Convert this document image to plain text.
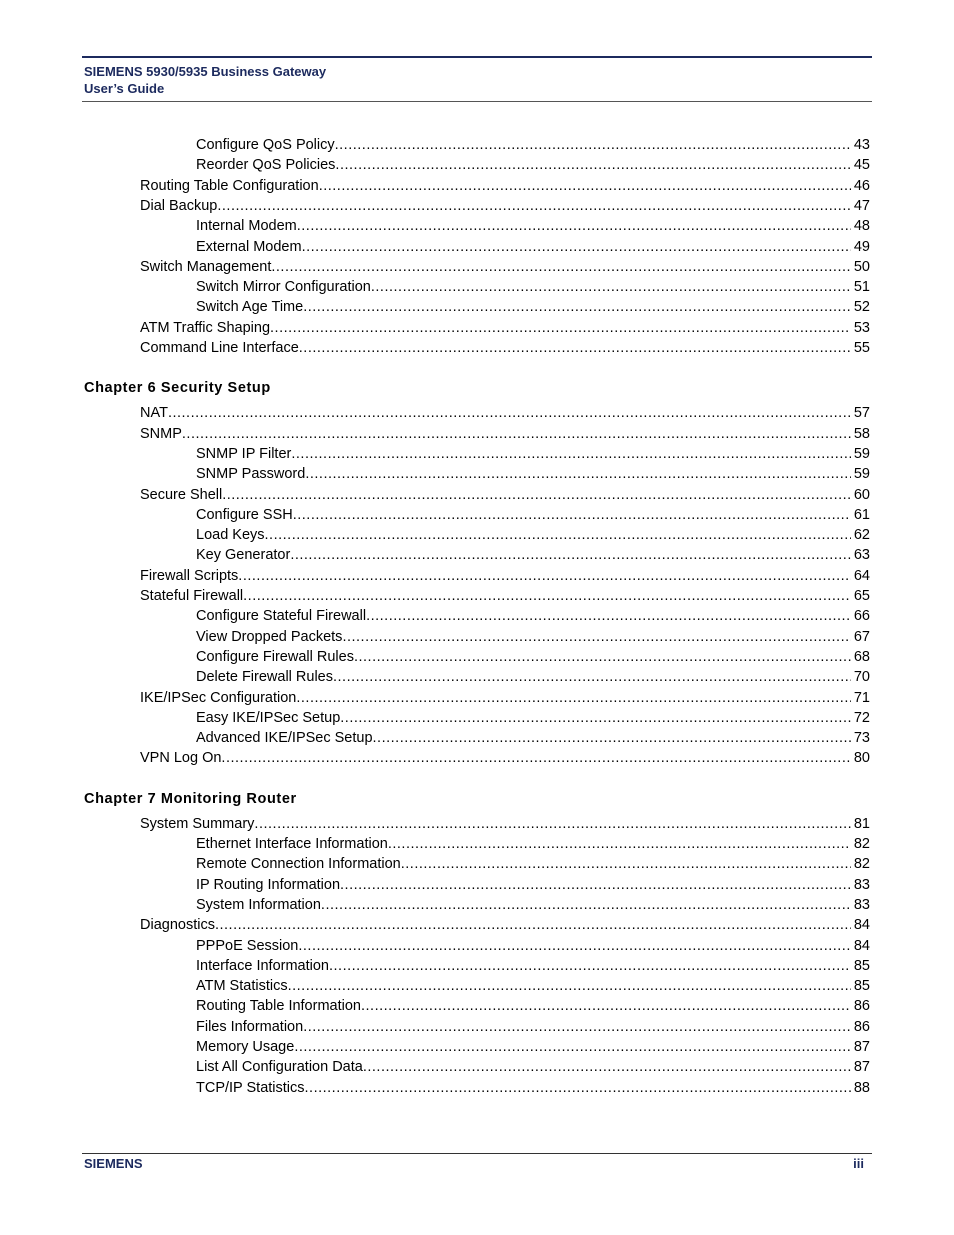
SIEMENS 5930/5935 Business Gateway
User’s Guide
Configure QoS Policy .....	43
Reorder QoS Policies .....	45
Routing Table Configuration .....	46
Dial Backup .....	47
Internal Modem .....	48
External Modem .....	49
Switch Management .....	50
Switch Mirror Configuration .....	51
Switch Age Time .....	52
ATM Traffic Shaping .....	53
Command Line Interface .....	55
Chapter 6 Security Setup
NAT .....	57
SNMP .....	58
SNMP IP Filter .....	59
SNMP Password .....	59
Secure Shell .....	60
Configure SSH .....	61
Load Keys .....	62
Key Generator .....	63
Firewall Scripts .....	64
Stateful Firewall .....	65
Configure Stateful Firewall .....	66
View Dropped Packets .....	67
Configure Firewall Rules .....	68
Delete Firewall Rules .....	70
IKE/IPSec Configuration .....	71
Easy IKE/IPSec Setup .....	72
Advanced IKE/IPSec Setup .....	73
VPN Log On .....	80
Chapter 7 Monitoring Router
System Summary .....	81
Ethernet Interface Information .....	82
Remote Connection Information .....	82
IP Routing Information .....	83
System Information .....	83
Diagnostics .....	84
PPPoE Session .....	84
Interface Information .....	85
ATM Statistics .....	85
Routing Table Information .....	86
Files Information .....	86
Memory Usage .....	87
List All Configuration Data .....	87
TCP/IP Statistics .....	88
SIEMENS	iii
